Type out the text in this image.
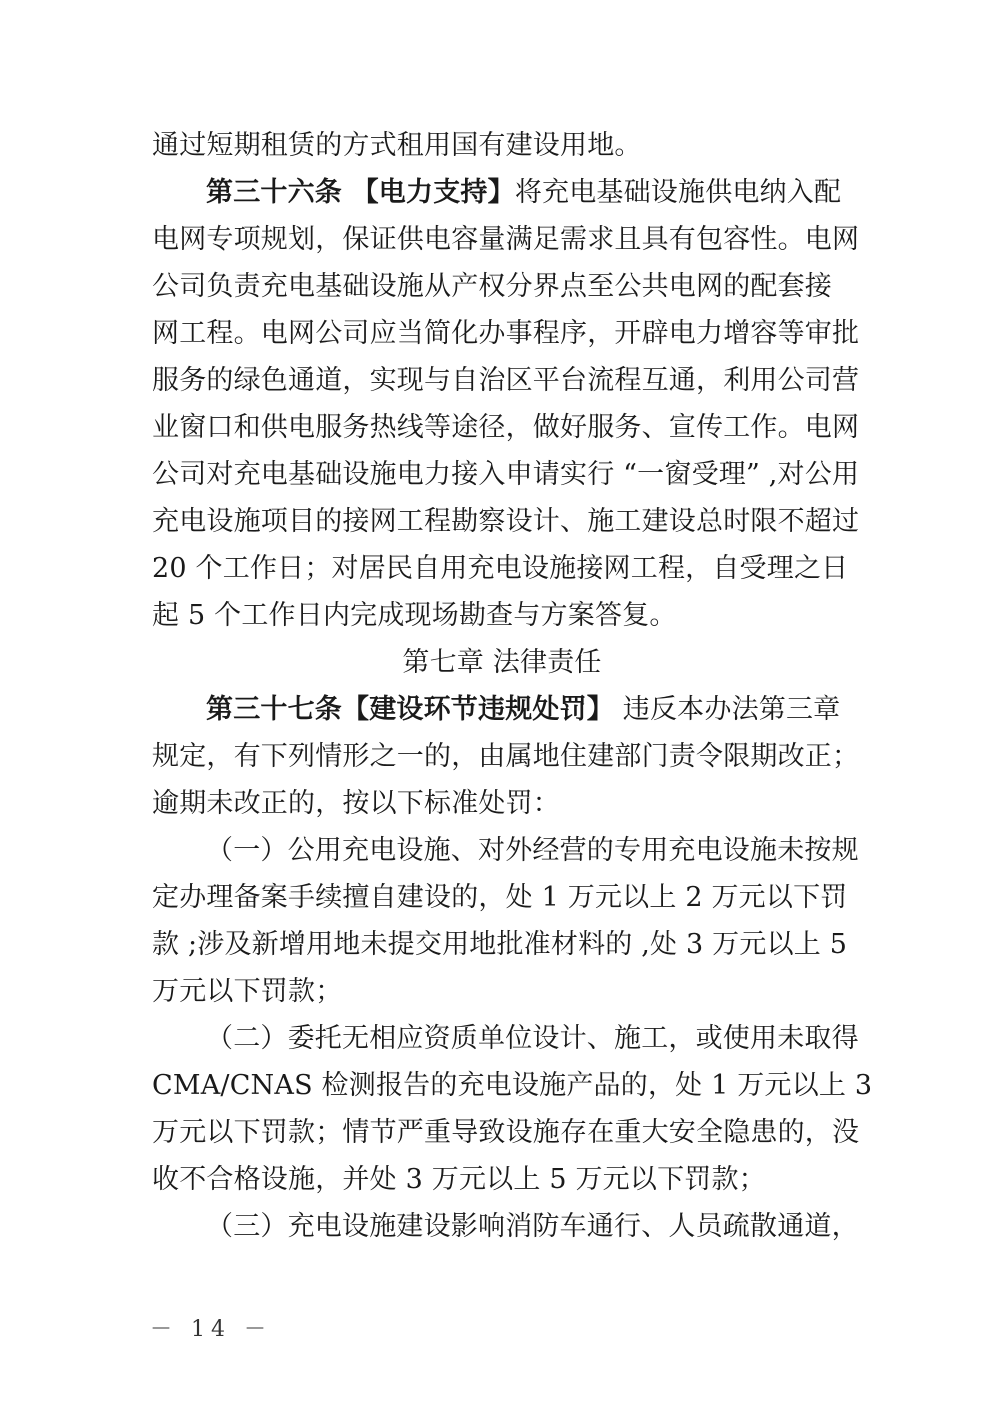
通过短期租赁的方式租用国有建设用地。
第三十六条 【电力支持】将充电基础设施供电纳入配
电网专项规划，保证供电容量满足需求且具有包容性。电网
公司负责充电基础设施从产权分界点至公共电网的配套接
网工程。电网公司应当简化办事程序，开辟电力增容等审批
服务的绿色通道，实现与自治区平台流程互通，利用公司营
业窗口和供电服务热线等途径，做好服务、宣传工作。电网
公司对充电基础设施电力接入申请实行 “一窗受理” ,对公用
充电设施项目的接网工程勘察设计、施工建设总时限不超过
20 个工作日；对居民自用充电设施接网工程，自受理之日
起 5 个工作日内完成现场勘查与方案答复。
第七章 法律责任
第三十七条【建设环节违规处罚】 违反本办法第三章
规定，有下列情形之一的，由属地住建部门责令限期改正；
逾期未改正的，按以下标准处罚：
（一）公用充电设施、对外经营的专用充电设施未按规
定办理备案手续擅自建设的，处 1 万元以上 2 万元以下罚
款 ;涉及新增用地未提交用地批准材料的 ,处 3 万元以上 5
万元以下罚款；
（二）委托无相应资质单位设计、施工，或使用未取得
CMA/CNAS 检测报告的充电设施产品的，处 1 万元以上 3
万元以下罚款；情节严重导致设施存在重大安全隐患的，没
收不合格设施，并处 3 万元以上 5 万元以下罚款；
（三）充电设施建设影响消防车通行、人员疏散通道，
－ 14 －
